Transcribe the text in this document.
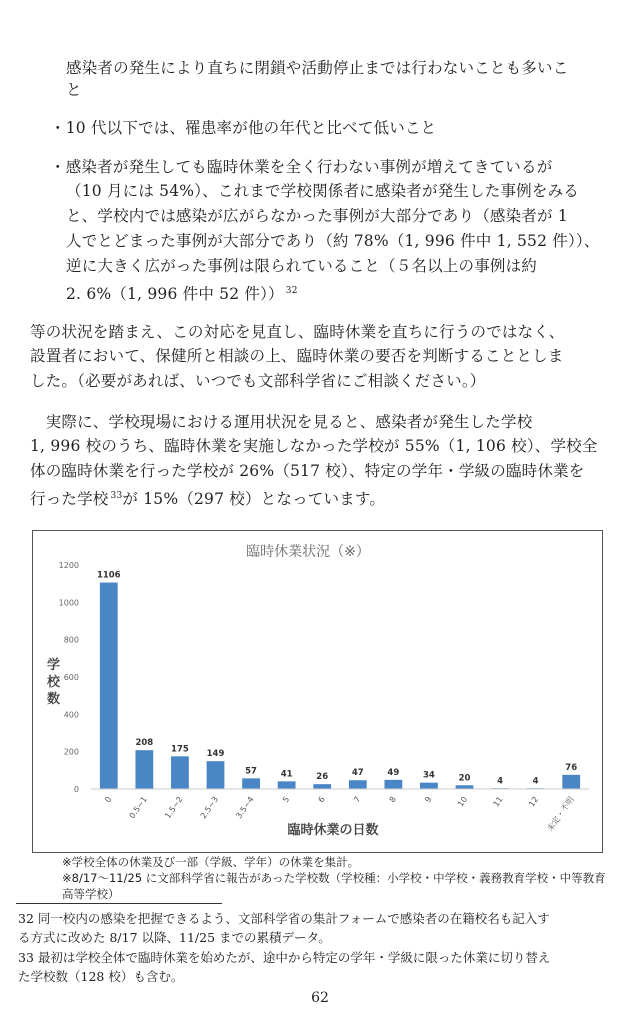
感染者の発生により直ちに閉鎖や活動停止までは行わないことも多いこ
と
・10 代以下では、罹患率が他の年代と比べて低いこと
・感染者が発生しても臨時休業を全く行わない事例が増えてきているが
（10 月には 54%）、これまで学校関係者に感染者が発生した事例をみる
と、学校内では感染が広がらなかった事例が大部分であり（感染者が 1
人でとどまった事例が大部分であり（約 78%（1, 996 件中 1, 552 件））、
逆に大きく広がった事例は限られていること（５名以上の事例は約
2. 6%（1, 996 件中 52 件）） $^{32}$
等の状況を踏まえ、この対応を見直し、臨時休業を直ちに行うのではなく、
設置者において、保健所と相談の上、臨時休業の要否を判断することとしま
した。（必要があれば、いつでも文部科学省にご相談ください。）
　実際に、学校現場における運用状況を見ると、感染者が発生した学校
1, 996 校のうち、臨時休業を実施しなかった学校が 55%（1, 106 校）、学校全
体の臨時休業を行った学校が 26%（517 校）、特定の学年・学級の臨時休業を
行った学校 $^{33}$が 15%（297 校）となっています。
臨時休業状況（※）
学校数
臨時休業の日数
0
200
400
600
800
1000
1200
1106
208
175 149
57	41	26	47	49	34	20	4	4
76
0 0.5~1 1.5~2 2.5~3 3.5~4	5	6	7	8	9	10	11	12 未定・不明
※学校全体の休業及び一部（学級、学年）の休業を集計。
※8/17～11/25 に文部科学省に報告があった学校数（学校種：小学校・中学校・義務教育学校・中等教育
高等学校）
32 同一校内の感染を把握できるよう、文部科学省の集計フォームで感染者の在籍校名も記入す
る方式に改めた 8/17 以降、11/25 までの累積データ。
33 最初は学校全体で臨時休業を始めたが、途中から特定の学年・学級に限った休業に切り替え
た学校数（128 校）も含む。
62
